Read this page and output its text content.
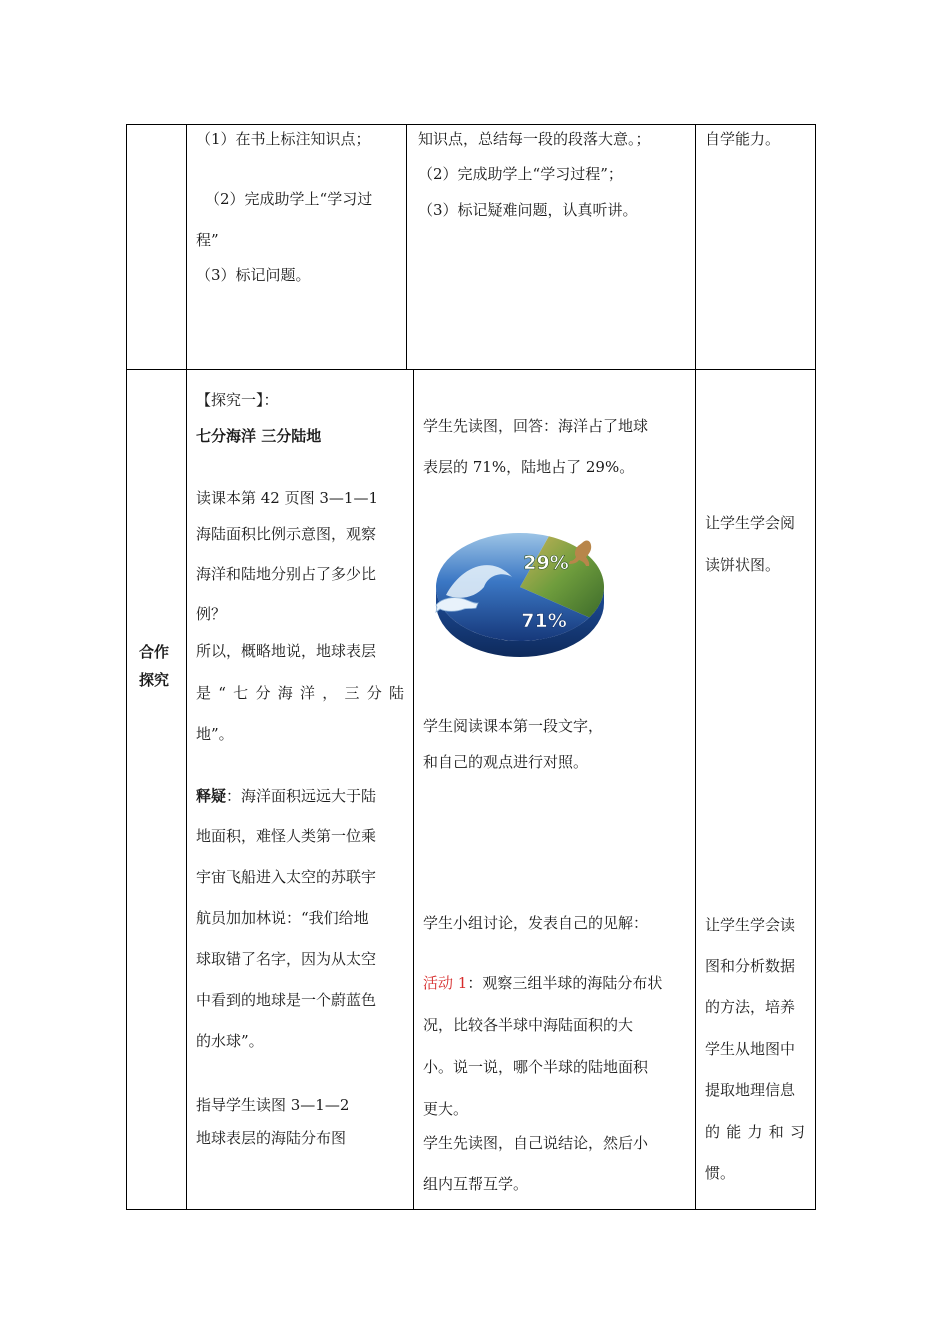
（1）在书上标注知识点；
（2）完成助学上“学习过
程”
（3）标记问题。
知识点，总结每一段的段落大意。；
（2）完成助学上“学习过程”；
（3）标记疑难问题，认真听讲。
自学能力。
合作
探究
【探究一】：
七分海洋 三分陆地
读课本第 42 页图 3—1—1
海陆面积比例示意图，观察
海洋和陆地分别占了多少比
例？
所以，概略地说，地球表层
是“七分海洋，三分陆
地”。
释疑：海洋面积远远大于陆
地面积，难怪人类第一位乘
宇宙飞船进入太空的苏联宇
航员加加林说：“我们给地
球取错了名字，因为从太空
中看到的地球是一个蔚蓝色
的水球”。
指导学生读图 3—1—2
地球表层的海陆分布图
学生先读图，回答：海洋占了地球
表层的 71%，陆地占了 29%。
29%
71%
学生阅读课本第一段文字，
和自己的观点进行对照。
学生小组讨论，发表自己的见解：
活动 1：观察三组半球的海陆分布状
况，比较各半球中海陆面积的大
小。说一说，哪个半球的陆地面积
更大。
学生先读图，自己说结论，然后小
组内互帮互学。
让学生学会阅
读饼状图。
让学生学会读
图和分析数据
的方法，培养
学生从地图中
提取地理信息
的能力和习
惯。
